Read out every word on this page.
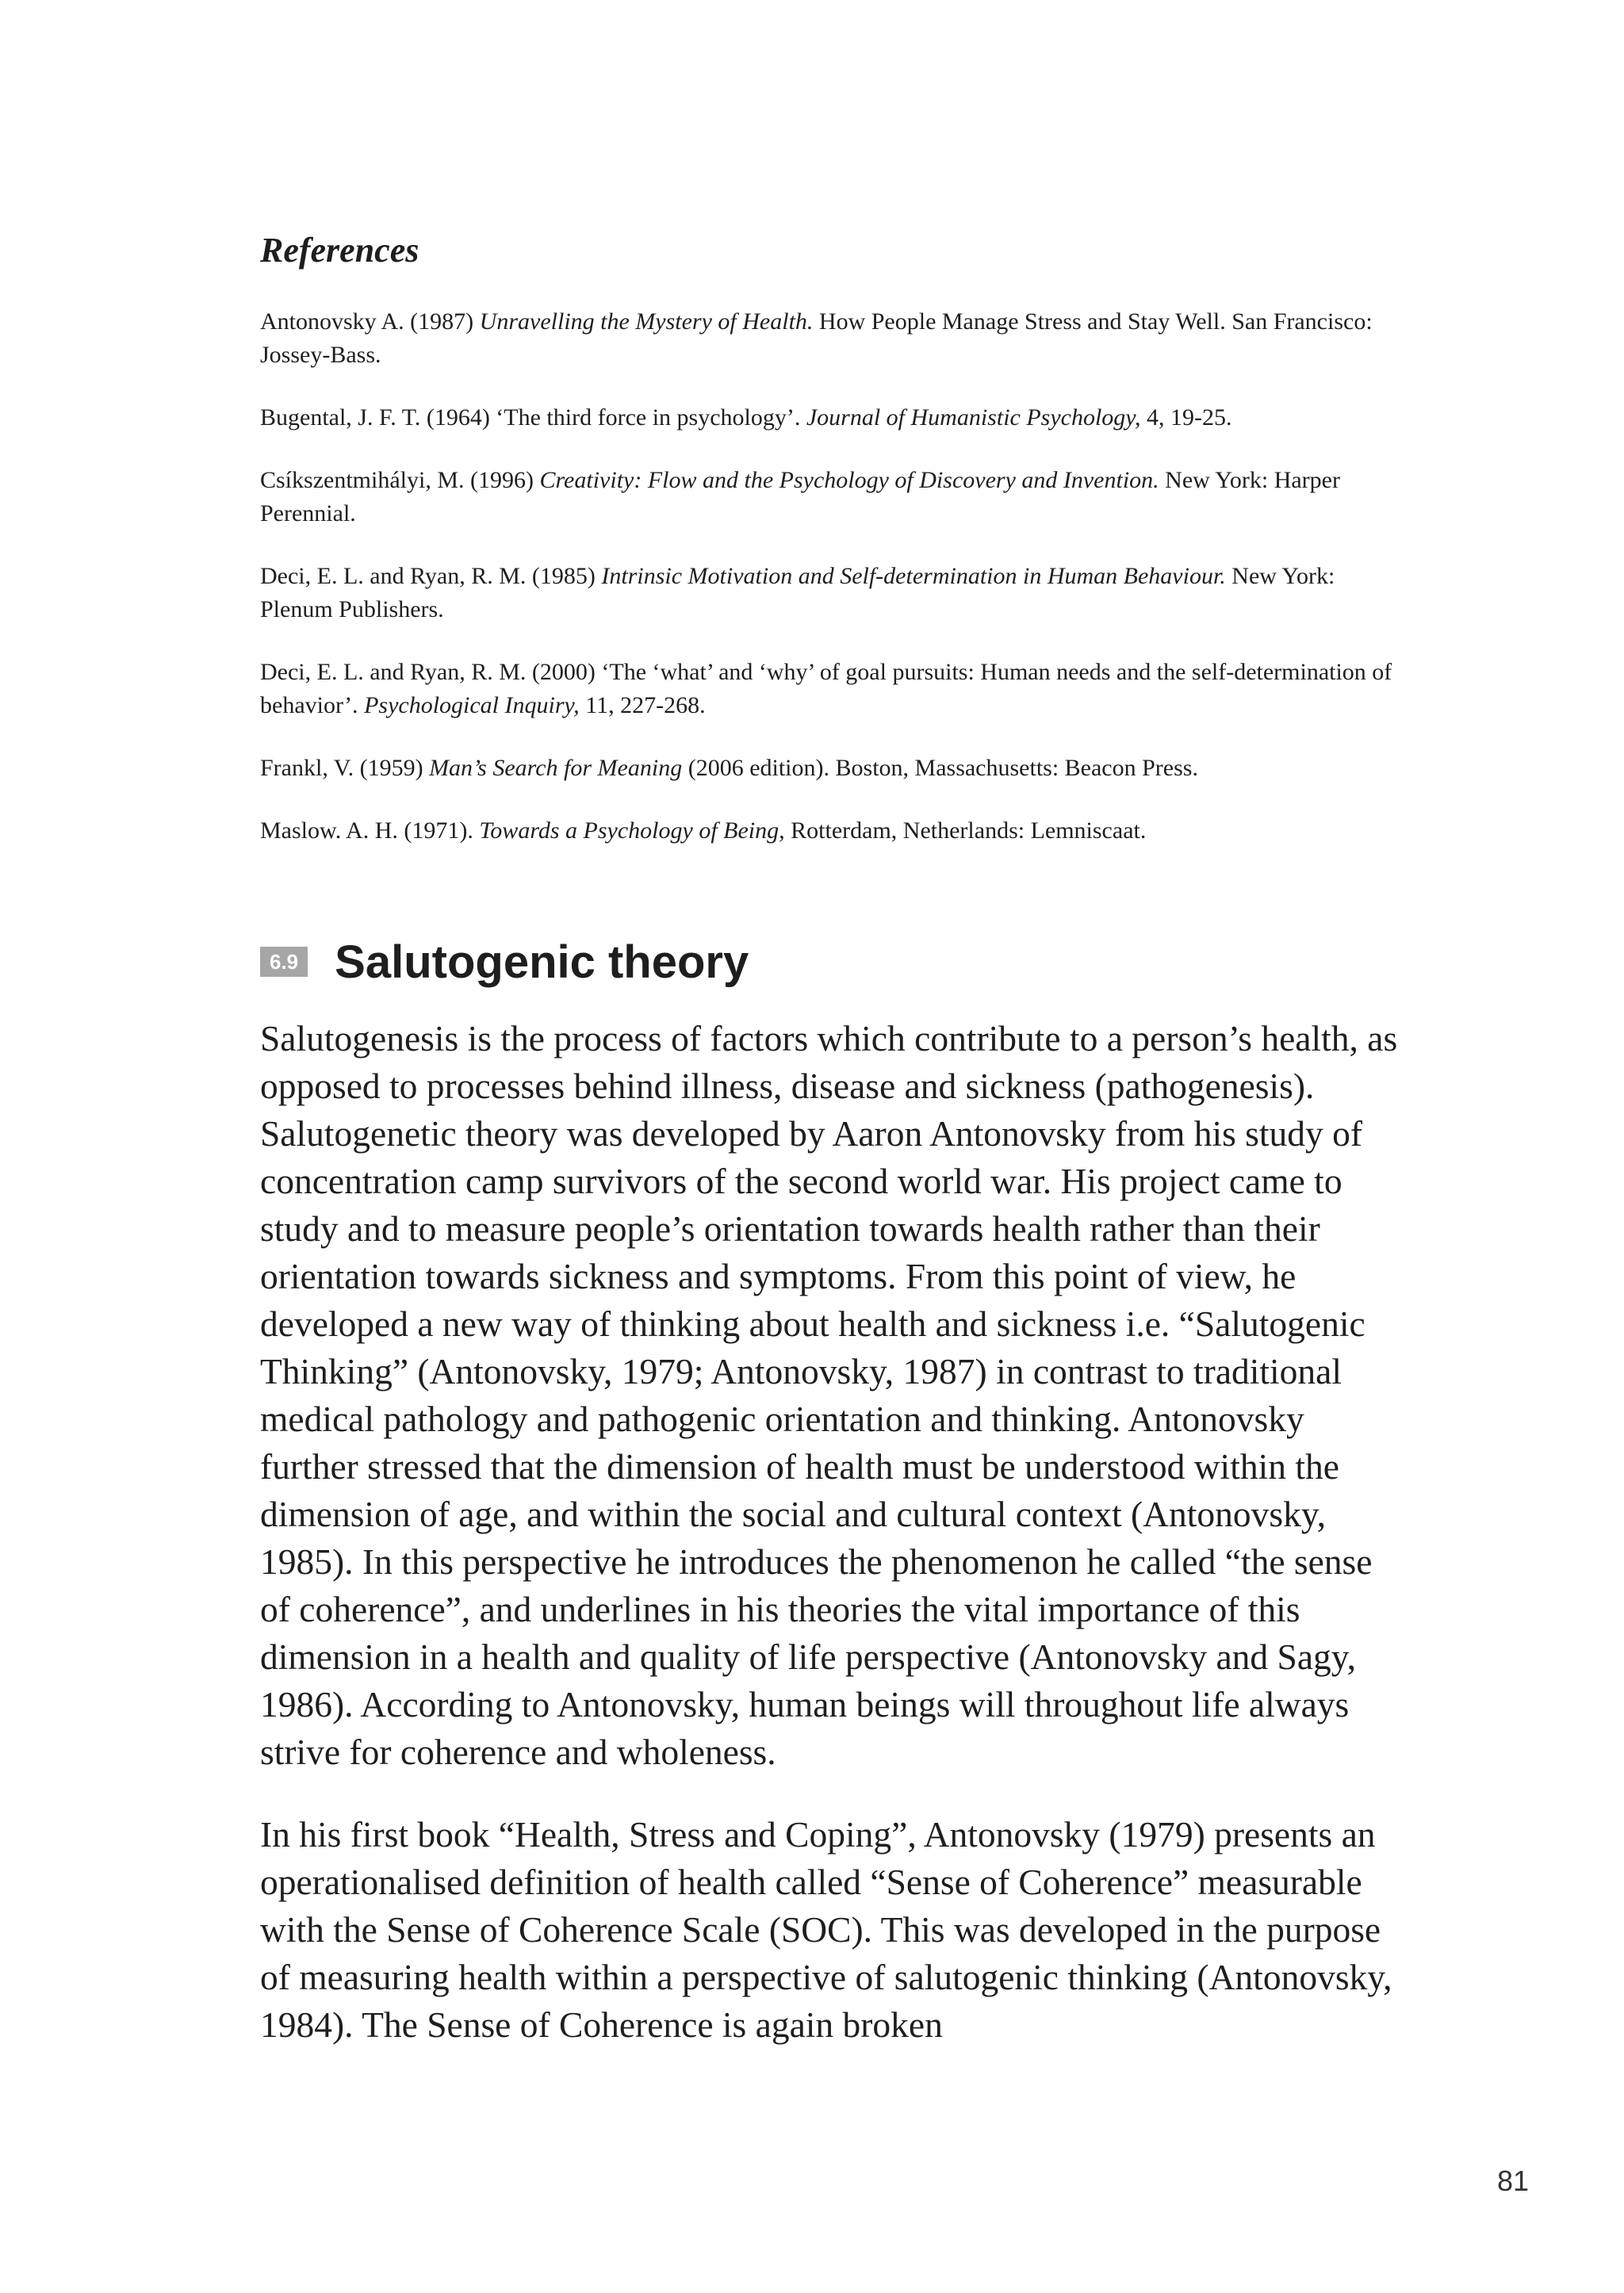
References

Antonovsky A. (1987) Unravelling the Mystery of Health. How People Manage Stress and Stay Well. San Francisco: Jossey-Bass.

Bugental, J. F. T. (1964) ‘The third force in psychology’. Journal of Humanistic Psychology, 4, 19-25.

Csíkszentmihályi, M. (1996) Creativity: Flow and the Psychology of Discovery and Invention. New York: Harper Perennial.

Deci, E. L. and Ryan, R. M. (1985) Intrinsic Motivation and Self-determination in Human Behaviour. New York: Plenum Publishers.

Deci, E. L. and Ryan, R. M. (2000) ‘The ‘what’ and ‘why’ of goal pursuits: Human needs and the self-determination of behavior’. Psychological Inquiry, 11, 227-268.

Frankl, V. (1959) Man’s Search for Meaning (2006 edition). Boston, Massachusetts: Beacon Press.

Maslow. A. H. (1971). Towards a Psychology of Being, Rotterdam, Netherlands: Lemniscaat.

6.9 Salutogenic theory

Salutogenesis is the process of factors which contribute to a person’s health, as opposed to processes behind illness, disease and sickness (pathogenesis). Salutogenetic theory was developed by Aaron Antonovsky from his study of concentration camp survivors of the second world war. His project came to study and to measure people’s orientation towards health rather than their orientation towards sickness and symptoms. From this point of view, he developed a new way of thinking about health and sickness i.e. “Salutogenic Thinking” (Antonovsky, 1979; Antonovsky, 1987) in contrast to traditional medical pathology and pathogenic orientation and thinking. Antonovsky further stressed that the dimension of health must be understood within the dimension of age, and within the social and cultural context (Antonovsky, 1985). In this perspective he introduces the phenomenon he called “the sense of coherence”, and underlines in his theories the vital importance of this dimension in a health and quality of life perspective (Antonovsky and Sagy, 1986). According to Antonovsky, human beings will throughout life always strive for coherence and wholeness.

In his first book “Health, Stress and Coping”, Antonovsky (1979) presents an operationalised definition of health called “Sense of Coherence” measurable with the Sense of Coherence Scale (SOC). This was developed in the purpose of measuring health within a perspective of salutogenic thinking (Antonovsky, 1984). The Sense of Coherence is again broken

81
